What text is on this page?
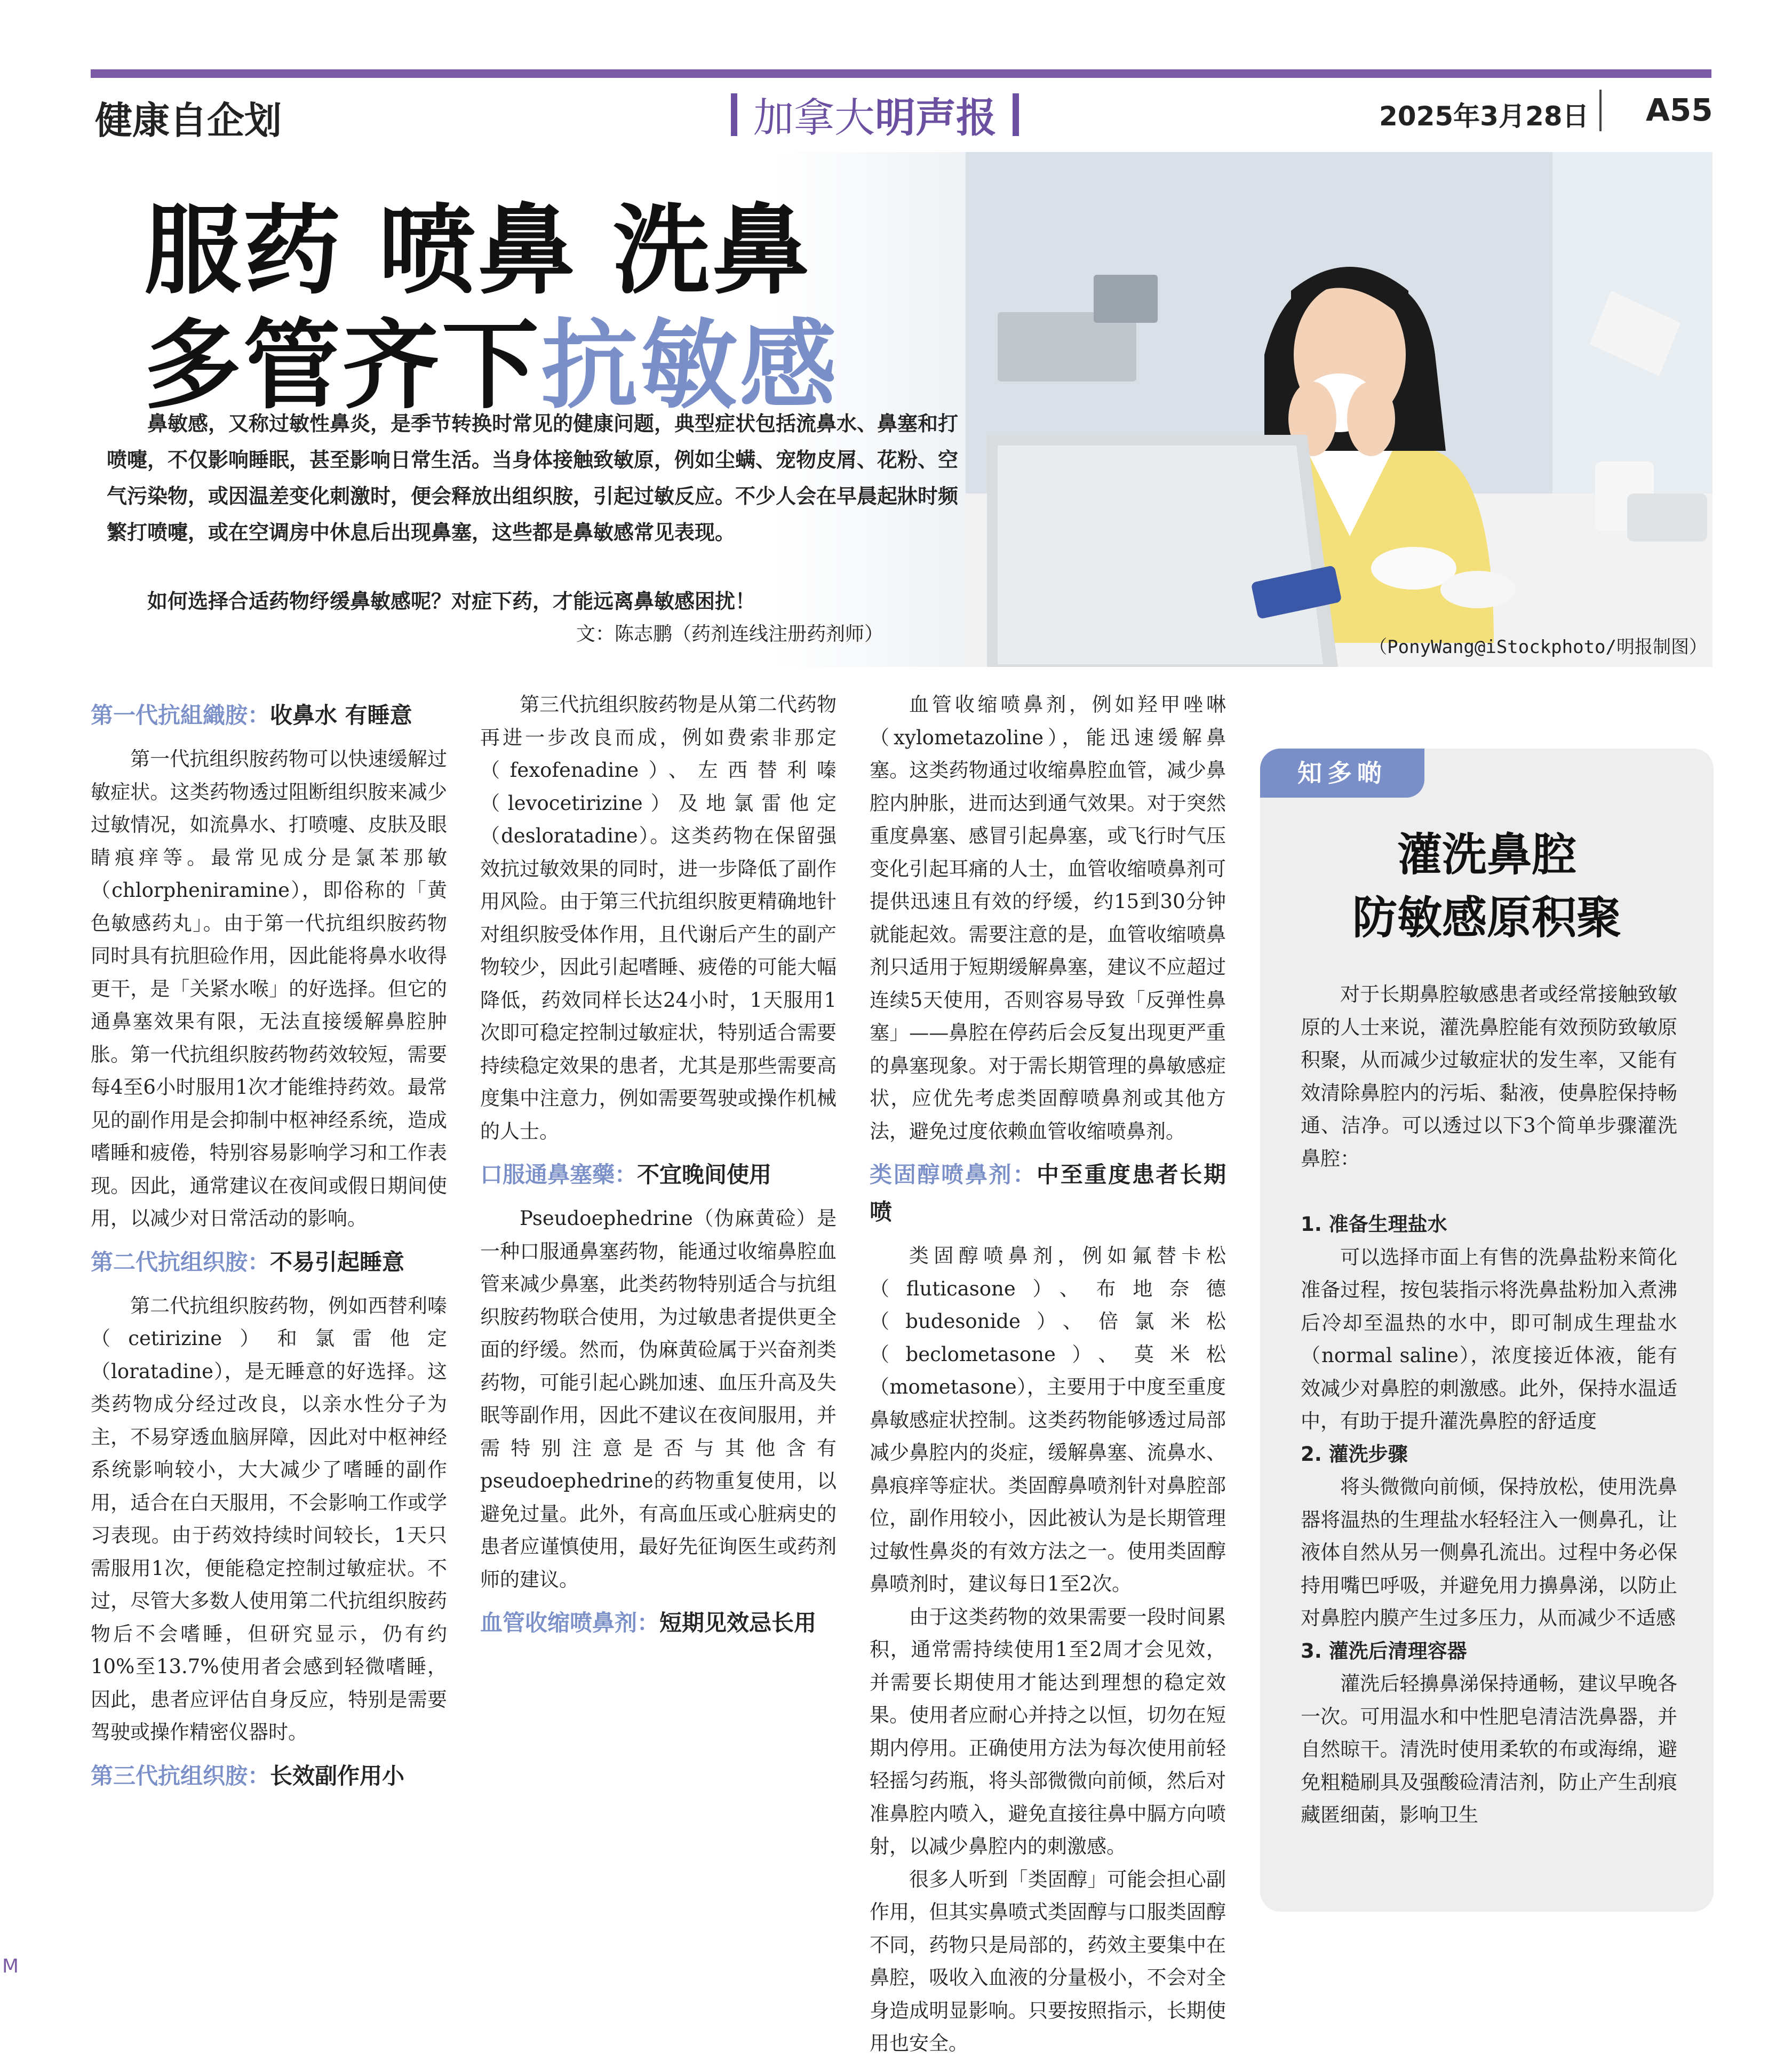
健康自企划	加拿大 明声报	2025年3月28日 A55
服药 喷鼻 洗鼻
多管齐下抗敏感
鼻敏感，又称过敏性鼻炎，是季节转换时常见的健康问题，典型症状包括流鼻水、鼻塞和打喷嚏，不仅影响睡眠，甚至影响日常生活。当身体接触致敏原，例如尘螨、宠物皮屑、花粉、空气污染物，或因温差变化刺激时，便会释放出组织胺，引起过敏反应。不少人会在早晨起牀时频繁打喷嚏，或在空调房中休息后出现鼻塞，这些都是鼻敏感常见表现。
如何选择合适药物纾缓鼻敏感呢？对症下药，才能远离鼻敏感困扰！
文：陈志鹏（药剂连线注册药剂师）
（PonyWang@iStockphoto/明报制图）
第一代抗組織胺：收鼻水 有睡意

第一代抗组织胺药物可以快速缓解过敏症状。这类药物透过阻断组织胺来减少过敏情况，如流鼻水、打喷嚏、皮肤及眼睛痕痒等。最常见成分是氯苯那敏（chlorpheniramine），即俗称的「黄色敏感药丸」。由于第一代抗组织胺药物同时具有抗胆硷作用，因此能将鼻水收得更干，是「关紧水喉」的好选择。但它的通鼻塞效果有限，无法直接缓解鼻腔肿胀。第一代抗组织胺药物药效较短，需要每4至6小时服用1次才能维持药效。最常见的副作用是会抑制中枢神经系统，造成嗜睡和疲倦，特别容易影响学习和工作表现。因此，通常建议在夜间或假日期间使用，以减少对日常活动的影响。

第二代抗组织胺：不易引起睡意

第二代抗组织胺药物，例如西替利嗪（cetirizine）和氯雷他定（loratadine），是无睡意的好选择。这类药物成分经过改良，以亲水性分子为主，不易穿透血脑屏障，因此对中枢神经系统影响较小，大大减少了嗜睡的副作用，适合在白天服用，不会影响工作或学习表现。由于药效持续时间较长，1天只需服用1次，便能稳定控制过敏症状。不过，尽管大多数人使用第二代抗组织胺药物后不会嗜睡，但研究显示，仍有约10%至13.7%使用者会感到轻微嗜睡，因此，患者应评估自身反应，特别是需要驾驶或操作精密仪器时。

第三代抗组织胺：长效副作用小

第三代抗组织胺药物是从第二代药物再进一步改良而成，例如费索非那定（fexofenadine）、左西替利嗪（levocetirizine）及地氯雷他定（desloratadine）。这类药物在保留强效抗过敏效果的同时，进一步降低了副作用风险。由于第三代抗组织胺更精确地针对组织胺受体作用，且代谢后产生的副产物较少，因此引起嗜睡、疲倦的可能大幅降低，药效同样长达24小时，1天服用1次即可稳定控制过敏症状，特别适合需要持续稳定效果的患者，尤其是那些需要高度集中注意力，例如需要驾驶或操作机械的人士。

口服通鼻塞藥：不宜晚间使用

Pseudoephedrine（伪麻黄硷）是一种口服通鼻塞药物，能通过收缩鼻腔血管来减少鼻塞，此类药物特别适合与抗组织胺药物联合使用，为过敏患者提供更全面的纾缓。然而，伪麻黄硷属于兴奋剂类药物，可能引起心跳加速、血压升高及失眠等副作用，因此不建议在夜间服用，并需特别注意是否与其他含有pseudoephedrine的药物重复使用，以避免过量。此外，有高血压或心脏病史的患者应谨慎使用，最好先征询医生或药剂师的建议。

血管收缩喷鼻剂：短期见效忌长用

血管收缩喷鼻剂，例如羟甲唑啉（xylometazoline），能迅速缓解鼻塞。这类药物通过收缩鼻腔血管，减少鼻腔内肿胀，进而达到通气效果。对于突然重度鼻塞、感冒引起鼻塞，或飞行时气压变化引起耳痛的人士，血管收缩喷鼻剂可提供迅速且有效的纾缓，约15到30分钟就能起效。需要注意的是，血管收缩喷鼻剂只适用于短期缓解鼻塞，建议不应超过连续5天使用，否则容易导致「反弹性鼻塞」——鼻腔在停药后会反复出现更严重的鼻塞现象。对于需长期管理的鼻敏感症状，应优先考虑类固醇喷鼻剂或其他方法，避免过度依赖血管收缩喷鼻剂。

类固醇喷鼻剂：中至重度患者长期喷

类固醇喷鼻剂，例如氟替卡松（fluticasone）、布地奈德（budesonide）、倍氯米松（beclometasone）、莫米松（mometasone），主要用于中度至重度鼻敏感症状控制。这类药物能够透过局部减少鼻腔内的炎症，缓解鼻塞、流鼻水、鼻痕痒等症状。类固醇鼻喷剂针对鼻腔部位，副作用较小，因此被认为是长期管理过敏性鼻炎的有效方法之一。使用类固醇鼻喷剂时，建议每日1至2次。

由于这类药物的效果需要一段时间累积，通常需持续使用1至2周才会见效，并需要长期使用才能达到理想的稳定效果。使用者应耐心并持之以恒，切勿在短期内停用。正确使用方法为每次使用前轻轻摇匀药瓶，将头部微微向前倾，然后对准鼻腔内喷入，避免直接往鼻中膈方向喷射，以减少鼻腔内的刺激感。

很多人听到「类固醇」可能会担心副作用，但其实鼻喷式类固醇与口服类固醇不同，药物只是局部的，药效主要集中在鼻腔，吸收入血液的分量极小，不会对全身造成明显影响。只要按照指示，长期使用也安全。

知多啲
灌洗鼻腔
防敏感原积聚

对于长期鼻腔敏感患者或经常接触致敏原的人士来说，灌洗鼻腔能有效预防致敏原积聚，从而减少过敏症状的发生率，又能有效清除鼻腔内的污垢、黏液，使鼻腔保持畅通、洁净。可以透过以下3个简单步骤灌洗鼻腔：

1. 准备生理盐水

可以选择市面上有售的洗鼻盐粉来简化准备过程，按包装指示将洗鼻盐粉加入煮沸后冷却至温热的水中，即可制成生理盐水（normal saline），浓度接近体液，能有效减少对鼻腔的刺激感。此外，保持水温适中，有助于提升灌洗鼻腔的舒适度

2. 灌洗步骤

将头微微向前倾，保持放松，使用洗鼻器将温热的生理盐水轻轻注入一侧鼻孔，让液体自然从另一侧鼻孔流出。过程中务必保持用嘴巴呼吸，并避免用力擤鼻涕，以防止对鼻腔内膜产生过多压力，从而减少不适感

3. 灌洗后清理容器

灌洗后轻擤鼻涕保持通畅，建议早晚各一次。可用温水和中性肥皂清洁洗鼻器，并自然晾干。清洗时使用柔软的布或海绵，避免粗糙刷具及强酸硷清洁剂，防止产生刮痕藏匿细菌，影响卫生

M
